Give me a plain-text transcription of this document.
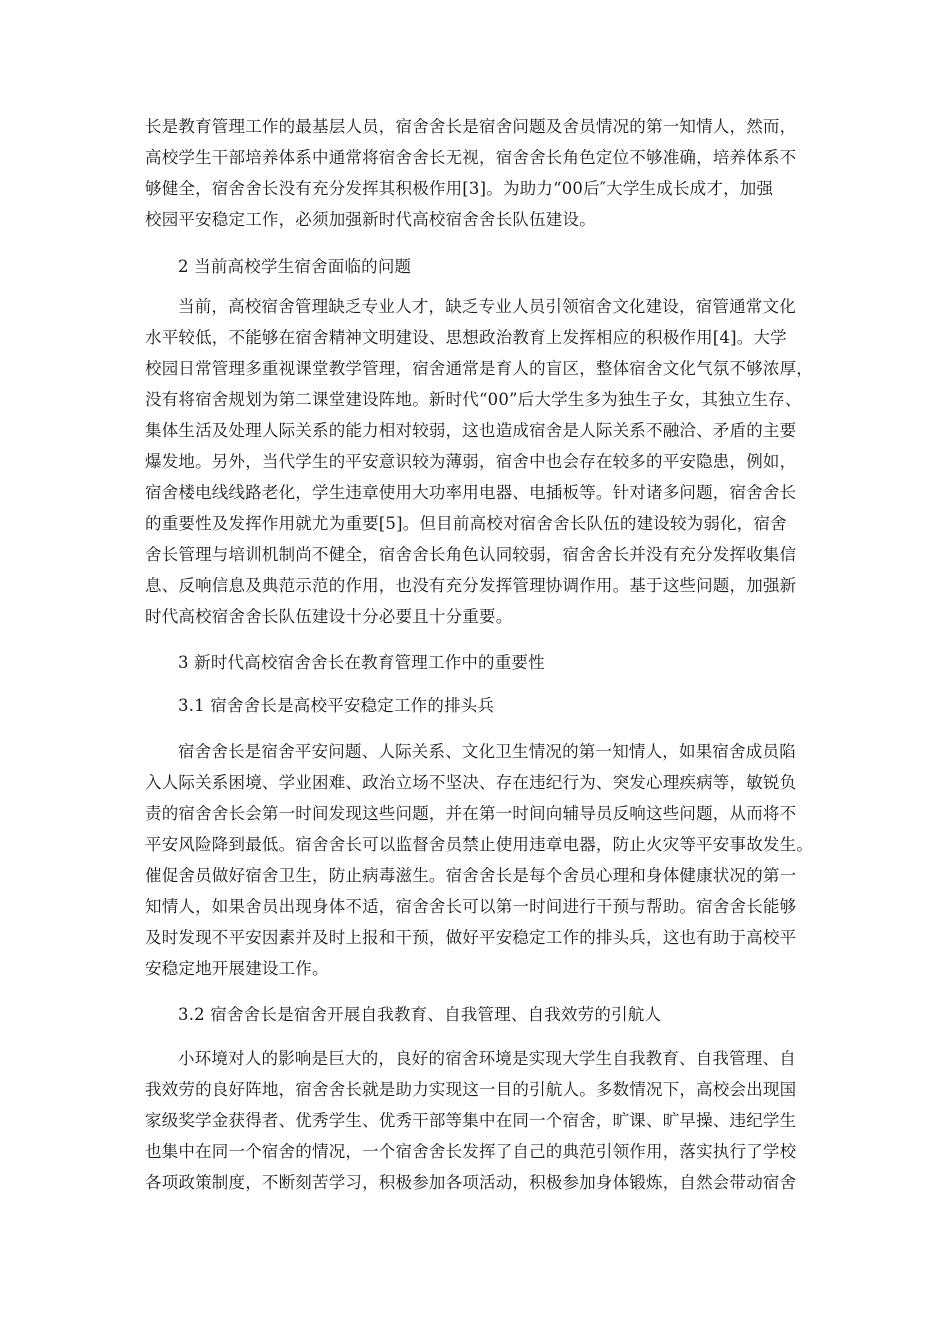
长是教育管理工作的最基层人员，宿舍舍长是宿舍问题及舍员情况的第一知情人，然而，
高校学生干部培养体系中通常将宿舍舍长无视，宿舍舍长角色定位不够准确，培养体系不
够健全，宿舍舍长没有充分发挥其积极作用[3]。为助力“00后″大学生成长成才，加强
校园平安稳定工作，必须加强新时代高校宿舍舍长队伍建设。
2 当前高校学生宿舍面临的问题
当前，高校宿舍管理缺乏专业人才，缺乏专业人员引领宿舍文化建设，宿管通常文化
水平较低，不能够在宿舍精神文明建设、思想政治教育上发挥相应的积极作用[4]。大学
校园日常管理多重视课堂教学管理，宿舍通常是育人的盲区，整体宿舍文化气氛不够浓厚，
没有将宿舍规划为第二课堂建设阵地。新时代“00”后大学生多为独生子女，其独立生存、
集体生活及处理人际关系的能力相对较弱，这也造成宿舍是人际关系不融洽、矛盾的主要
爆发地。另外，当代学生的平安意识较为薄弱，宿舍中也会存在较多的平安隐患，例如，
宿舍楼电线线路老化，学生违章使用大功率用电器、电插板等。针对诸多问题，宿舍舍长
的重要性及发挥作用就尤为重要[5]。但目前高校对宿舍舍长队伍的建设较为弱化，宿舍
舍长管理与培训机制尚不健全，宿舍舍长角色认同较弱，宿舍舍长并没有充分发挥收集信
息、反响信息及典范示范的作用，也没有充分发挥管理协调作用。基于这些问题，加强新
时代高校宿舍舍长队伍建设十分必要且十分重要。
3 新时代高校宿舍舍长在教育管理工作中的重要性
3.1 宿舍舍长是高校平安稳定工作的排头兵
宿舍舍长是宿舍平安问题、人际关系、文化卫生情况的第一知情人，如果宿舍成员陷
入人际关系困境、学业困难、政治立场不坚决、存在违纪行为、突发心理疾病等，敏锐负
责的宿舍舍长会第一时间发现这些问题，并在第一时间向辅导员反响这些问题，从而将不
平安风险降到最低。宿舍舍长可以监督舍员禁止使用违章电器，防止火灾等平安事故发生。
催促舍员做好宿舍卫生，防止病毒滋生。宿舍舍长是每个舍员心理和身体健康状况的第一
知情人，如果舍员出现身体不适，宿舍舍长可以第一时间进行干预与帮助。宿舍舍长能够
及时发现不平安因素并及时上报和干预，做好平安稳定工作的排头兵，这也有助于高校平
安稳定地开展建设工作。
3.2 宿舍舍长是宿舍开展自我教育、自我管理、自我效劳的引航人
小环境对人的影响是巨大的，良好的宿舍环境是实现大学生自我教育、自我管理、自
我效劳的良好阵地，宿舍舍长就是助力实现这一目的引航人。多数情况下，高校会出现国
家级奖学金获得者、优秀学生、优秀干部等集中在同一个宿舍，旷课、旷早操、违纪学生
也集中在同一个宿舍的情况，一个宿舍舍长发挥了自己的典范引领作用，落实执行了学校
各项政策制度，不断刻苦学习，积极参加各项活动，积极参加身体锻炼，自然会带动宿舍
